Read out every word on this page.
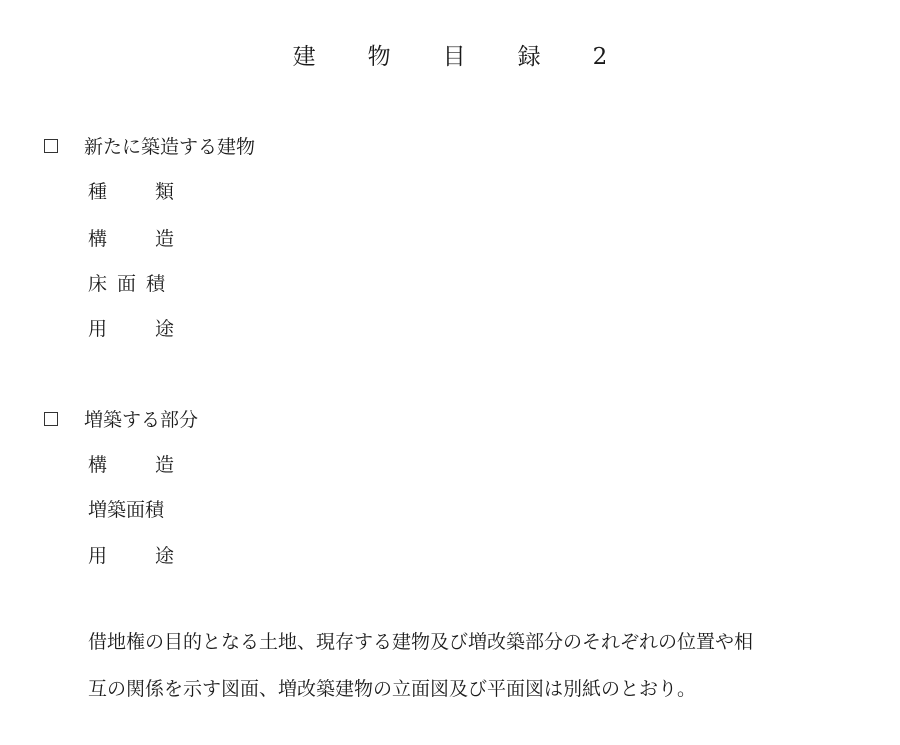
建 物 目 録 2
新たに築造する建物
種	類
構	造
床 面 積
用	途
増築する部分
構	造
増築面積
用	途
借地権の目的となる土地、現存する建物及び増改築部分のそれぞれの位置や相
互の関係を示す図面、増改築建物の立面図及び平面図は別紙のとおり。
